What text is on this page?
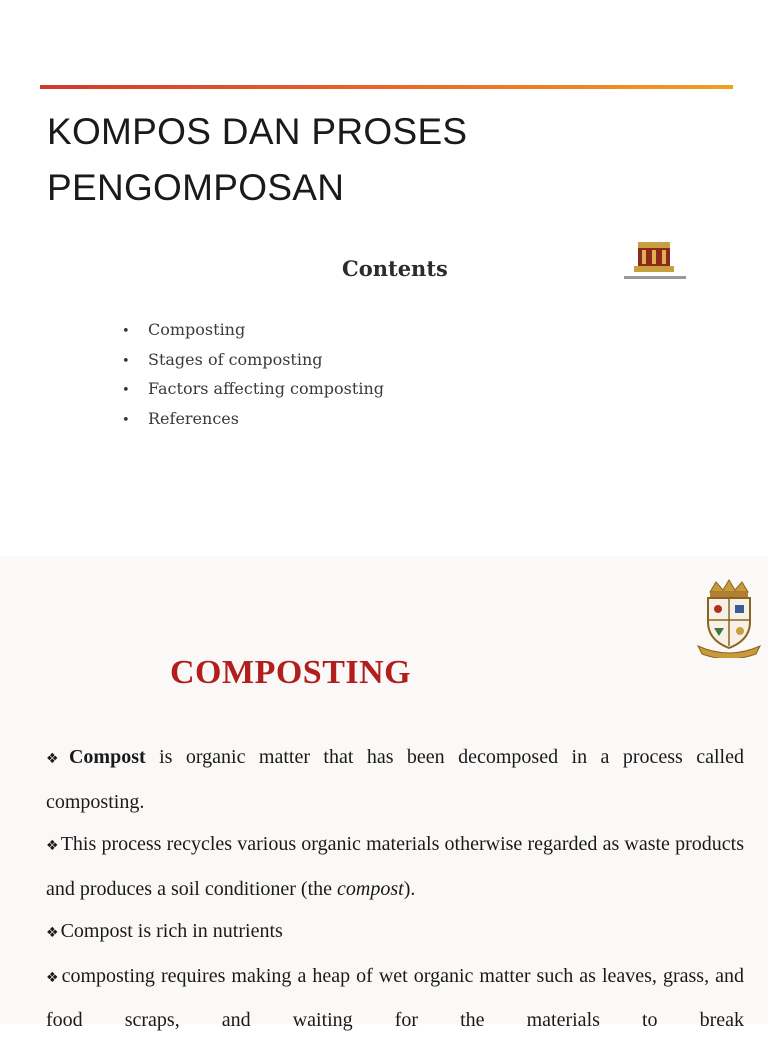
KOMPOS DAN PROSES
PENGOMPOSAN
Contents
• Composting
• Stages of composting
• Factors affecting composting
• References
COMPOSTING

❖ Compost is organic matter that has been decomposed in a process called composting.

❖ This process recycles various organic materials otherwise regarded as waste products and produces a soil conditioner (the compost).

❖ Compost is rich in nutrients

❖ composting requires making a heap of wet organic matter such as leaves, grass, and food scraps, and waiting for the materials to break
